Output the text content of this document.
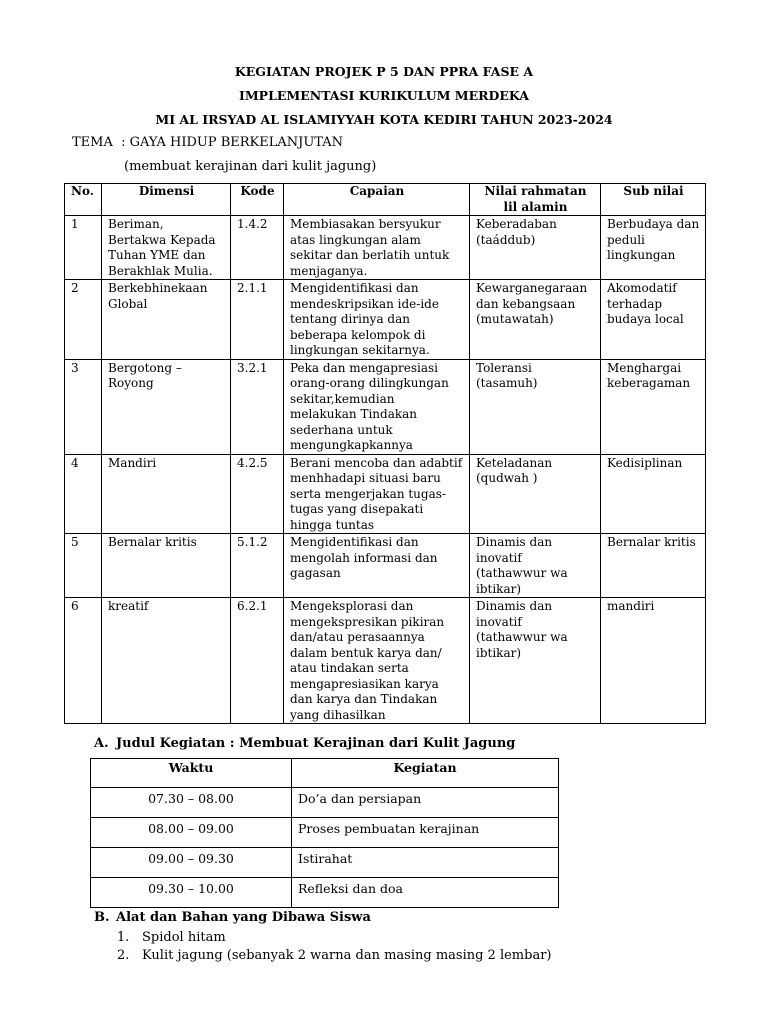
KEGIATAN PROJEK P 5 DAN PPRA FASE A
IMPLEMENTASI KURIKULUM MERDEKA
MI AL IRSYAD AL ISLAMIYYAH KOTA KEDIRI TAHUN 2023-2024
TEMA  : GAYA HIDUP BERKELANJUTAN
(membuat kerajinan dari kulit jagung)
No.	Dimensi	Kode	Capaian	Nilai rahmatan lil alamin	Sub nilai
1	Beriman, Bertakwa Kepada Tuhan YME dan Berakhlak Mulia.	1.4.2	Membiasakan bersyukur atas lingkungan alam sekitar dan berlatih untuk menjaganya.	Keberadaban (taáddub)	Berbudaya dan peduli lingkungan
2	Berkebhinekaan Global	2.1.1	Mengidentifikasi dan mendeskripsikan ide-ide tentang dirinya dan beberapa kelompok di lingkungan sekitarnya.	Kewarganegaraan dan kebangsaan (mutawatah)	Akomodatif terhadap budaya local
3	Bergotong – Royong	3.2.1	Peka dan mengapresiasi orang-orang dilingkungan sekitar,kemudian melakukan Tindakan sederhana untuk mengungkapkannya	Toleransi (tasamuh)	Menghargai keberagaman
4	Mandiri	4.2.5	Berani mencoba dan adabtif menhhadapi situasi baru serta mengerjakan tugas-tugas yang disepakati hingga tuntas	Keteladanan (qudwah )	Kedisiplinan
5	Bernalar kritis	5.1.2	Mengidentifikasi dan mengolah informasi dan gagasan	Dinamis dan inovatif (tathawwur wa ibtikar)	Bernalar kritis
6	kreatif	6.2.1	Mengeksplorasi dan mengekspresikan pikiran dan/atau perasaannya dalam bentuk karya dan/ atau tindakan serta mengapresiasikan karya dan karya dan Tindakan yang dihasilkan	Dinamis dan inovatif (tathawwur wa ibtikar)	mandiri
A. Judul Kegiatan : Membuat Kerajinan dari Kulit Jagung
Waktu	Kegiatan
07.30 – 08.00	Do’a dan persiapan
08.00 – 09.00	Proses pembuatan kerajinan
09.00 – 09.30	Istirahat
09.30 – 10.00	Refleksi dan doa
B. Alat dan Bahan yang Dibawa Siswa
1. Spidol hitam
2. Kulit jagung (sebanyak 2 warna dan masing masing 2 lembar)
